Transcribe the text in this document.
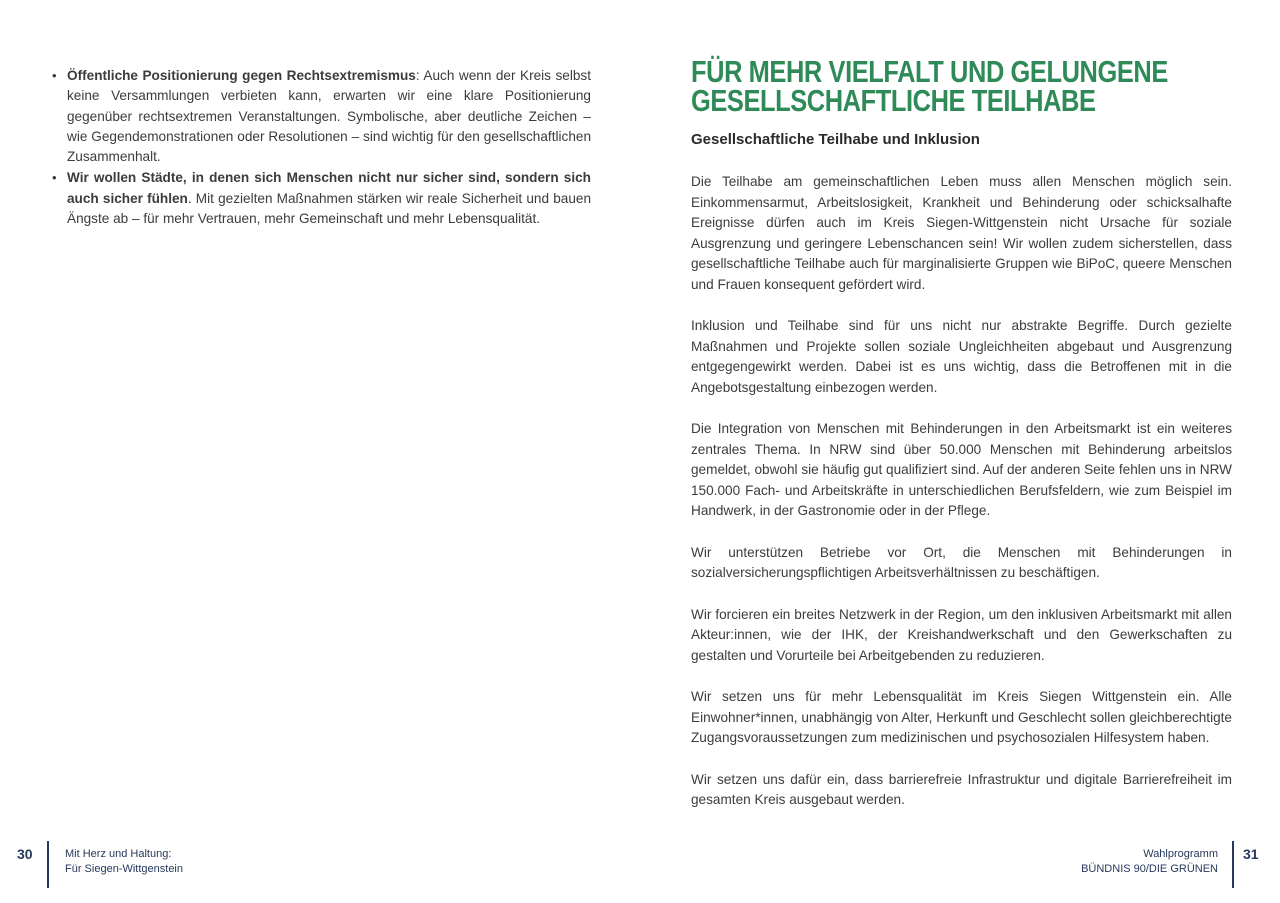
• Öffentliche Positionierung gegen Rechtsextremismus: Auch wenn der Kreis selbst keine Versammlungen verbieten kann, erwarten wir eine klare Positionierung gegenüber rechtsextremen Veranstaltungen. Symbolische, aber deutliche Zeichen – wie Gegendemonstrationen oder Resolutionen – sind wichtig für den gesellschaftlichen Zusammenhalt.
• Wir wollen Städte, in denen sich Menschen nicht nur sicher sind, sondern sich auch sicher fühlen. Mit gezielten Maßnahmen stärken wir reale Sicherheit und bauen Ängste ab – für mehr Vertrauen, mehr Gemeinschaft und mehr Lebensqualität.
FÜR MEHR VIELFALT UND GELUNGENE
GESELLSCHAFTLICHE TEILHABE
Gesellschaftliche Teilhabe und Inklusion

Die Teilhabe am gemeinschaftlichen Leben muss allen Menschen möglich sein. Einkommensarmut, Arbeitslosigkeit, Krankheit und Behinderung oder schicksalhafte Ereignisse dürfen auch im Kreis Siegen-Wittgenstein nicht Ursache für soziale Ausgrenzung und geringere Lebenschancen sein! Wir wollen zudem sicherstellen, dass gesellschaftliche Teilhabe auch für marginalisierte Gruppen wie BiPoC, queere Menschen und Frauen konsequent gefördert wird.

Inklusion und Teilhabe sind für uns nicht nur abstrakte Begriffe. Durch gezielte Maßnahmen und Projekte sollen soziale Ungleichheiten abgebaut und Ausgrenzung entgegengewirkt werden. Dabei ist es uns wichtig, dass die Betroffenen mit in die Angebotsgestaltung einbezogen werden.

Die Integration von Menschen mit Behinderungen in den Arbeitsmarkt ist ein weiteres zentrales Thema. In NRW sind über 50.000 Menschen mit Behinderung arbeitslos gemeldet, obwohl sie häufig gut qualifiziert sind. Auf der anderen Seite fehlen uns in NRW 150.000 Fach- und Arbeitskräfte in unterschiedlichen Berufsfeldern, wie zum Beispiel im Handwerk, in der Gastronomie oder in der Pflege.

Wir unterstützen Betriebe vor Ort, die Menschen mit Behinderungen in sozialversicherungspflichtigen Arbeitsverhältnissen zu beschäftigen.

Wir forcieren ein breites Netzwerk in der Region, um den inklusiven Arbeitsmarkt mit allen Akteur:innen, wie der IHK, der Kreishandwerkschaft und den Gewerkschaften zu gestalten und Vorurteile bei Arbeitgebenden zu reduzieren.

Wir setzen uns für mehr Lebensqualität im Kreis Siegen Wittgenstein ein. Alle Einwohner*innen, unabhängig von Alter, Herkunft und Geschlecht sollen gleichberechtigte Zugangsvoraussetzungen zum medizinischen und psychosozialen Hilfesystem haben.

Wir setzen uns dafür ein, dass barrierefreie Infrastruktur und digitale Barrierefreiheit im gesamten Kreis ausgebaut werden.

30	Mit Herz und Haltung:
Für Siegen-Wittgenstein
Wahlprogramm
BÜNDNIS 90/DIE GRÜNEN
31
